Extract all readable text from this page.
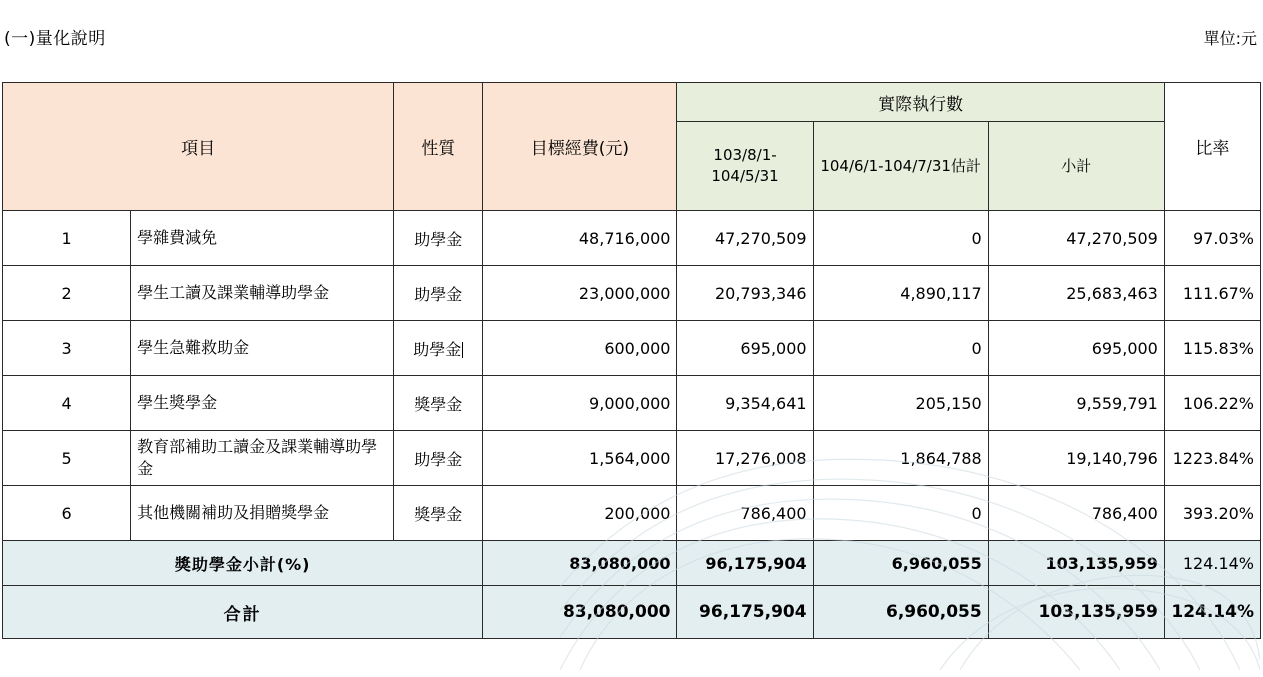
(一)量化說明	單位:元
項目		性質	目標經費(元)	實際執行數			比率
				103/8/1-104/5/31	104/6/1-104/7/31估計	小計	
1	學雜費減免	助學金	48,716,000	47,270,509	0	47,270,509	97.03%
2	學生工讀及課業輔導助學金	助學金	23,000,000	20,793,346	4,890,117	25,683,463	111.67%
3	學生急難救助金	助學金	600,000	695,000	0	695,000	115.83%
4	學生獎學金	獎學金	9,000,000	9,354,641	205,150	9,559,791	106.22%
5	教育部補助工讀金及課業輔導助學金	助學金	1,564,000	17,276,008	1,864,788	19,140,796	1223.84%
6	其他機關補助及捐贈獎學金	獎學金	200,000	786,400	0	786,400	393.20%
獎助學金小計(%)			83,080,000	96,175,904	6,960,055	103,135,959	124.14%
合計			83,080,000	96,175,904	6,960,055	103,135,959	124.14%
